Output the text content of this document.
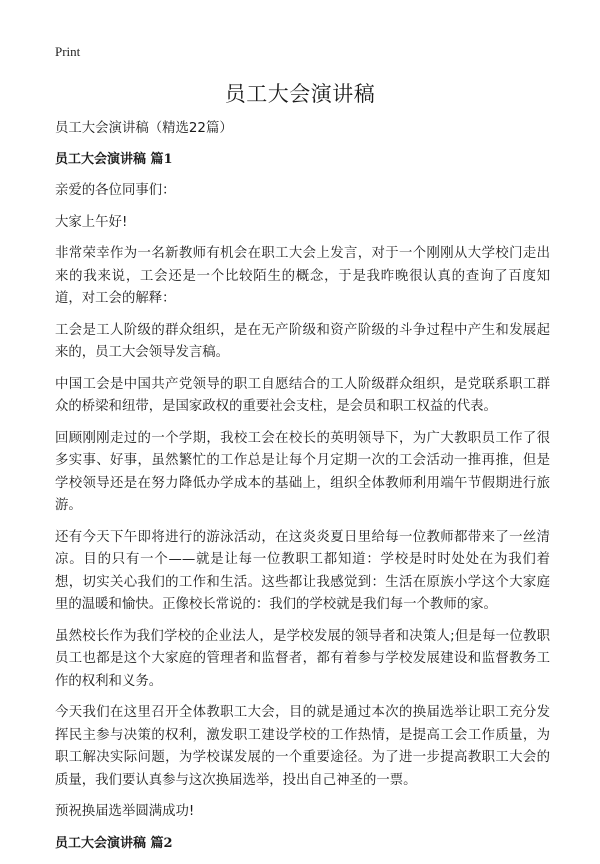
Print
员工大会演讲稿

员工大会演讲稿（精选22篇）

员工大会演讲稿 篇1

亲爱的各位同事们：

大家上午好!

非常荣幸作为一名新教师有机会在职工大会上发言，对于一个刚刚从大学校门走出来的我来说，工会还是一个比较陌生的概念，于是我昨晚很认真的查询了百度知道，对工会的解释：

工会是工人阶级的群众组织，是在无产阶级和资产阶级的斗争过程中产生和发展起来的，员工大会领导发言稿。

中国工会是中国共产党领导的职工自愿结合的工人阶级群众组织，是党联系职工群众的桥梁和纽带，是国家政权的重要社会支柱，是会员和职工权益的代表。

回顾刚刚走过的一个学期，我校工会在校长的英明领导下，为广大教职员工作了很多实事、好事，虽然繁忙的工作总是让每个月定期一次的工会活动一推再推，但是学校领导还是在努力降低办学成本的基础上，组织全体教师利用端午节假期进行旅游。

还有今天下午即将进行的游泳活动，在这炎炎夏日里给每一位教师都带来了一丝清凉。目的只有一个——就是让每一位教职工都知道：学校是时时处处在为我们着想，切实关心我们的工作和生活。这些都让我感觉到：生活在原族小学这个大家庭里的温暖和愉快。正像校长常说的：我们的学校就是我们每一个教师的家。

虽然校长作为我们学校的企业法人，是学校发展的领导者和决策人;但是每一位教职员工也都是这个大家庭的管理者和监督者，都有着参与学校发展建设和监督教务工作的权利和义务。

今天我们在这里召开全体教职工大会，目的就是通过本次的换届选举让职工充分发挥民主参与决策的权利，激发职工建设学校的工作热情，是提高工会工作质量，为职工解决实际问题，为学校谋发展的一个重要途径。为了进一步提高教职工大会的质量，我们要认真参与这次换届选举，投出自己神圣的一票。

预祝换届选举圆满成功!

员工大会演讲稿 篇2
